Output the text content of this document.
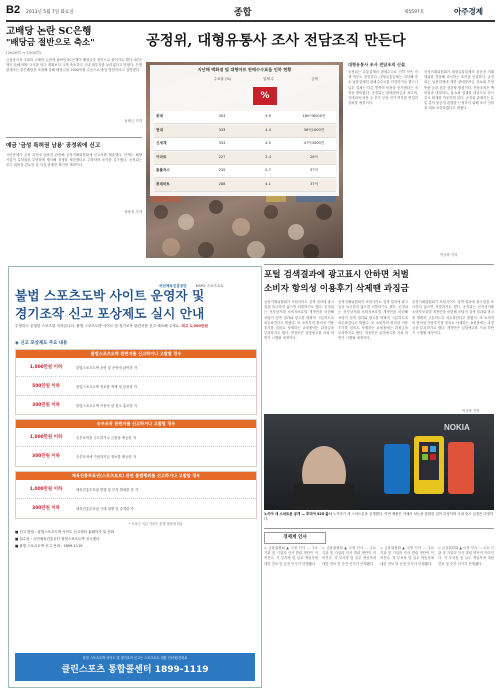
B2 2013년 5월 7일 화요일	종합	제5597호	아주경제
고배당 논란 SC은행
"배당금 절반으로 축소"
(2000억 → 1000억)
금융당국과 국회의 고배당 논란에 휩싸인 SC은행이 배당금을 절반으로 줄이기로 했다. SC은행은 올해 배당 규모를 당초 계획보다 크게 축소하고 국내 재투자를 늘리겠다고 밝혔다. 은행 관계자는 중간배당을 포함해 올해 배당금을 1000억원 수준으로 줄일 방침이라고 설명했다.
윤태구 기자
예금 '금성 특허권 남용' 공정위에 신고
시민단체가 금성 특허권 남용과 관련해 공정거래위원회에 신고서를 제출했다. 단체는 해당 기업이 특허권을 부당하게 행사해 경쟁을 제한했다고 주장하며 조사를 촉구했다. 공정위는 신고 내용을 검토한 뒤 사실 관계를 확인할 계획이다.
장용진 기자
공정위, 대형유통사 조사 전담조직 만든다
지난해 백화점 및 대형마트 판매수수료율 인하 현황
수료율 (%)	업체 수	금액
%
롯데	453	3.9	180억6000만
현대	333	4.4	36억1000만
신세계	333	4.5	47억3000만
이마트	227	2.4	26억
홈플러스	235	2.7	37억
롯데마트	288	4.1	37억
대형유통사 조사 전담조직 신설
공정위는 유통업체의 판매수수료 인하 약속 이행 여부도 점검한다. 대형유통업체는 지난해 중소 납품업체의 판매수수료를 인하하기로 했으나 일부 업체는 다른 명목의 비용을 전가했다는 지적을 받아왔다. 공정위는 판매장려금과 광고비, 인테리어 비용 등 추가 부담 전가 여부를 면밀히 살펴볼 예정이다.
공정거래위원회가 대형유통업체의 불공정 거래 행위를 전담해 조사하는 조직을 신설한다. 공정위는 납품업체에 대한 판매장려금 강요와 부당 반품 등을 집중 점검할 방침이다. 전담조직은 백화점과 대형마트, 홈쇼핑 업계를 대상으로 상시 감시 체계를 가동하게 된다. 공정위 관계자는 유통 분야 불공정 관행을 근절하기 위해 조사 인력을 대폭 보강하겠다고 밝혔다.
이규하 기자
국민체육진흥공단	KSPO 스포츠토토
불법 스포츠도박 사이트 운영자 및
경기조작 신고 포상제도 실시 안내
투명하고 공정한 스포츠를 지켜갑니다. 불법 스포츠도박 사이트 및 경기조작 관련자를 신고·제보해 주세요. 최고 1,000만원
◉ 신고 포상제도 주요 내용
불법스포츠도박 관련자를 신고하거나 고발할 경우
1,000만원 이하	불법스포츠도박 운영 및 운영에 관여한 자
500만원 이하	불법스포츠도박 정보를 게재 및 알선한 자
300만원 이하	불법스포츠도박 이용자 및 광고 홍보한 자
승부조작 관련자를 신고하거나 고발할 경우
1,000만원 이하	승부조작을 주도하거나 금품을 제공한 자
300만원 이하	승부조작에 가담하거나 정보를 제공한 자
체육진흥투표권(스포츠토토) 관련 불법행위를 신고하거나 고발할 경우
1,000만원 이하	체육진흥투표권 발행 및 부정 발매를 한 자
300만원 이하	체육진흥투표권 구매 대행 및 중개한 자
* 포상금 지급 기준은 관계 법령에 따름
■ 신고 방법 : 불법스포츠도박 사이트 신고센터 홈페이지 및 전화
■ 접수처 : 국민체육진흥공단 불법스포츠도박 신고센터
■ 불법 스포츠도박 신고 전화 : 1899-1119
불법 스포츠도박 사이트 및 경기조작 신고는 스포츠토토 대한 인터넷/전화로
클린스포츠 통합콜센터 1899-1119
포털 검색결과에 광고표시 안하면 처벌
소비자 항의성 이용후기 삭제땐 과징금
공정거래위원회가 포털사이트 검색 결과에 광고임을 표시하지 않으면 처벌하기로 했다. 공정위는 전자상거래 소비자보호법 개정안을 마련해 포털이 검색 결과와 광고를 명확히 구분하도록 의무화한다고 밝혔다. 또 소비자의 항의성 이용후기를 임의로 삭제하는 쇼핑몰에는 과징금을 부과하기로 했다. 개정안은 입법예고를 거쳐 하반기 시행될 예정이다.
공정거래위원회가 포털사이트 검색 결과에 광고임을 표시하지 않으면 처벌하기로 했다. 공정위는 전자상거래 소비자보호법 개정안을 마련해 포털이 검색 결과와 광고를 명확히 구분하도록 의무화한다고 밝혔다. 또 소비자의 항의성 이용후기를 임의로 삭제하는 쇼핑몰에는 과징금을 부과하기로 했다. 개정안은 입법예고를 거쳐 하반기 시행될 예정이다.
공정거래위원회가 포털사이트 검색 결과에 광고임을 표시하지 않으면 처벌하기로 했다. 공정위는 전자상거래 소비자보호법 개정안을 마련해 포털이 검색 결과와 광고를 명확히 구분하도록 의무화한다고 밝혔다. 또 소비자의 항의성 이용후기를 임의로 삭제하는 쇼핑몰에는 과징금을 부과하기로 했다. 개정안은 입법예고를 거쳐 하반기 시행될 예정이다.
이규하 기자
NOKIA
노키아 새 스마트폰 공개 — 루미아 925 출시 노키아가 새 스마트폰을 공개했다. 이번 제품은 카메라 성능을 강화한 것이 특징이며 국내 출시 일정은 미정이다.
경제계 인사
◇ 금융위원회 ▲ 국장 인사 … 주요 기관 및 기업의 인사 발령 명단이 이어진다. 각 부서장 및 실무 책임자에 대한 전보 및 승진 인사가 단행됐다.
◇ 금융위원회 ▲ 국장 인사 … 주요 기관 및 기업의 인사 발령 명단이 이어진다. 각 부서장 및 실무 책임자에 대한 전보 및 승진 인사가 단행됐다.
◇ 금융위원회 ▲ 국장 인사 … 주요 기관 및 기업의 인사 발령 명단이 이어진다. 각 부서장 및 실무 책임자에 대한 전보 및 승진 인사가 단행됐다.
◇ 금융위원회 ▲ 국장 인사 … 주요 기관 및 기업의 인사 발령 명단이 이어진다. 각 부서장 및 실무 책임자에 대한 전보 및 승진 인사가 단행됐다.
